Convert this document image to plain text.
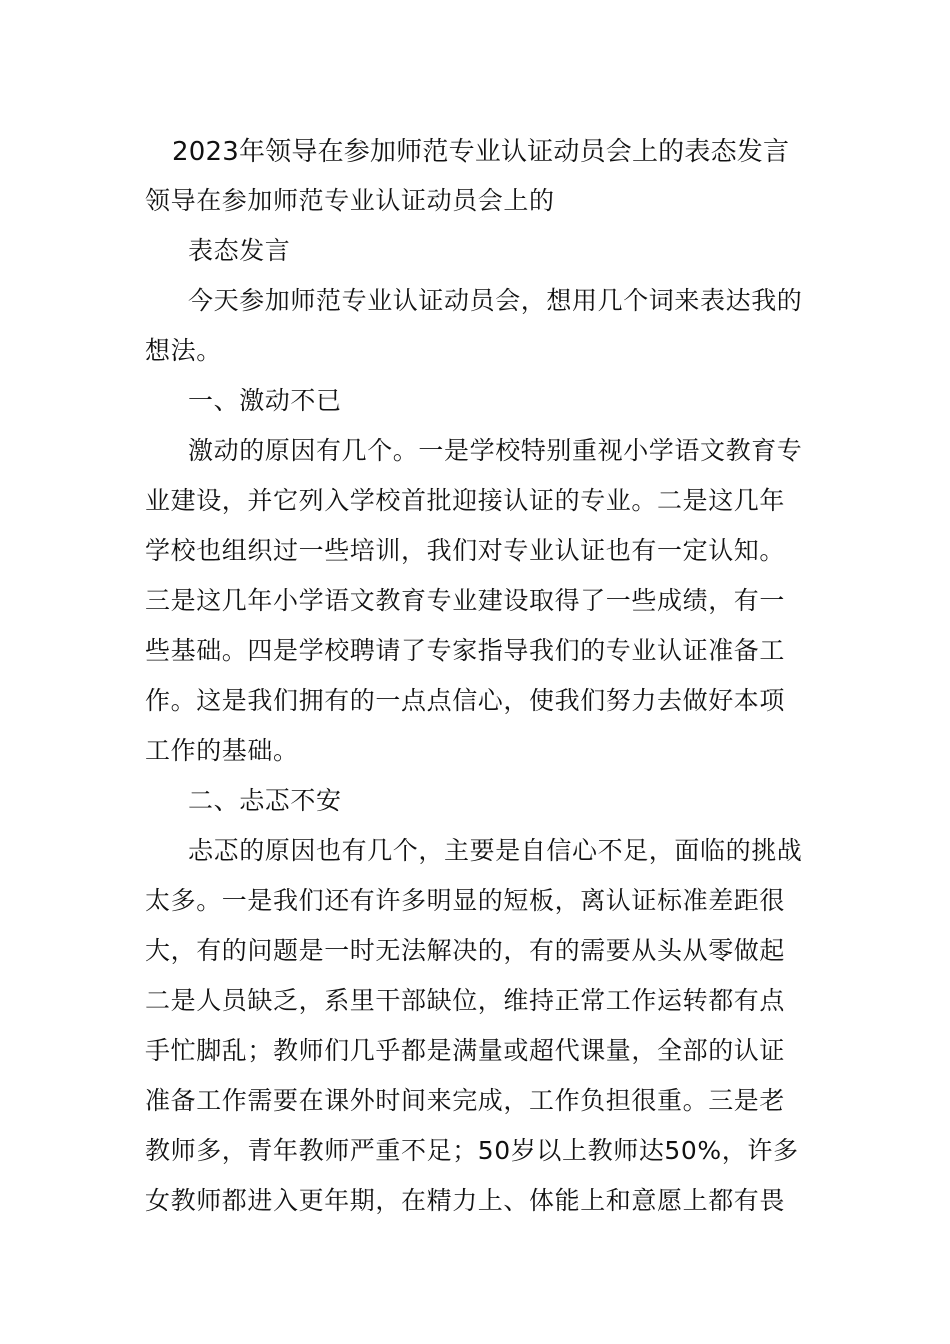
2023年领导在参加师范专业认证动员会上的表态发言
领导在参加师范专业认证动员会上的
表态发言
今天参加师范专业认证动员会，想用几个词来表达我的
想法。
一、激动不已
激动的原因有几个。一是学校特别重视小学语文教育专
业建设，并它列入学校首批迎接认证的专业。二是这几年
学校也组织过一些培训，我们对专业认证也有一定认知。
三是这几年小学语文教育专业建设取得了一些成绩，有一
些基础。四是学校聘请了专家指导我们的专业认证准备工
作。这是我们拥有的一点点信心，使我们努力去做好本项
工作的基础。
二、忐忑不安
忐忑的原因也有几个，主要是自信心不足，面临的挑战
太多。一是我们还有许多明显的短板，离认证标准差距很
大，有的问题是一时无法解决的，有的需要从头从零做起
二是人员缺乏，系里干部缺位，维持正常工作运转都有点
手忙脚乱；教师们几乎都是满量或超代课量，全部的认证
准备工作需要在课外时间来完成，工作负担很重。三是老
教师多，青年教师严重不足；50岁以上教师达50%，许多
女教师都进入更年期，在精力上、体能上和意愿上都有畏
